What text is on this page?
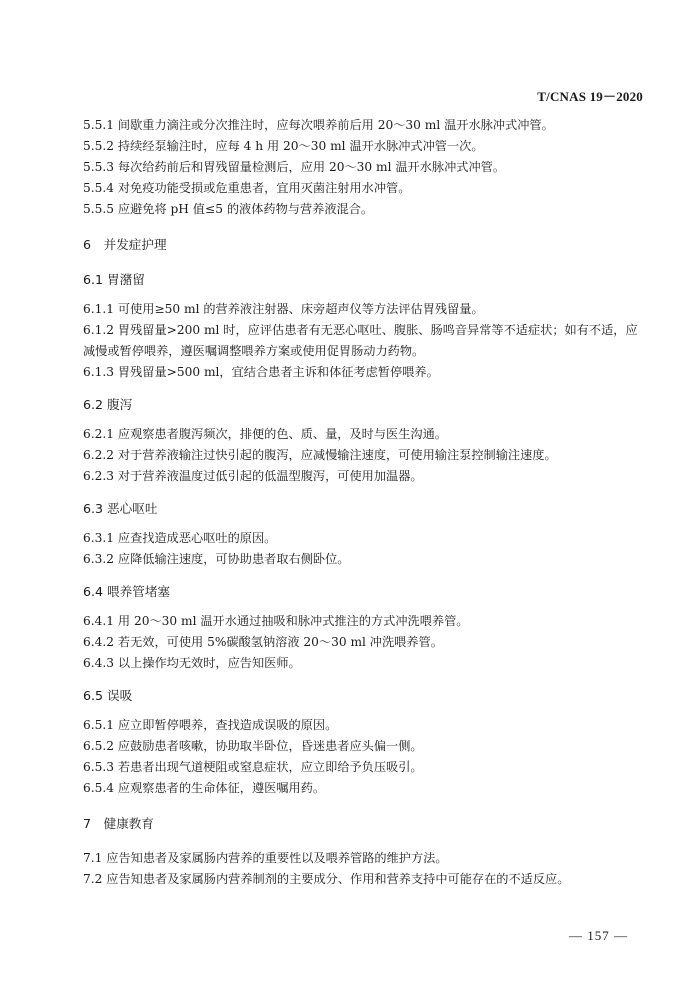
T/CNAS 19－2020

5.5.1 间歇重力滴注或分次推注时，应每次喂养前后用 20～30 ml 温开水脉冲式冲管。

5.5.2 持续经泵输注时，应每 4 h 用 20～30 ml 温开水脉冲式冲管一次。

5.5.3 每次给药前后和胃残留量检测后，应用 20～30 ml 温开水脉冲式冲管。

5.5.4 对免疫功能受损或危重患者，宜用灭菌注射用水冲管。

5.5.5 应避免将 pH 值≤5 的液体药物与营养液混合。

6　并发症护理

6.1 胃潴留

6.1.1 可使用≥50 ml 的营养液注射器、床旁超声仪等方法评估胃残留量。

6.1.2 胃残留量>200 ml 时，应评估患者有无恶心呕吐、腹胀、肠鸣音异常等不适症状；如有不适，应减慢或暂停喂养，遵医嘱调整喂养方案或使用促胃肠动力药物。

6.1.3 胃残留量>500 ml，宜结合患者主诉和体征考虑暂停喂养。

6.2 腹泻

6.2.1 应观察患者腹泻频次，排便的色、质、量，及时与医生沟通。

6.2.2 对于营养液输注过快引起的腹泻，应减慢输注速度，可使用输注泵控制输注速度。

6.2.3 对于营养液温度过低引起的低温型腹泻，可使用加温器。

6.3 恶心呕吐

6.3.1 应查找造成恶心呕吐的原因。

6.3.2 应降低输注速度，可协助患者取右侧卧位。

6.4 喂养管堵塞

6.4.1 用 20～30 ml 温开水通过抽吸和脉冲式推注的方式冲洗喂养管。

6.4.2 若无效，可使用 5%碳酸氢钠溶液 20～30 ml 冲洗喂养管。

6.4.3 以上操作均无效时，应告知医师。

6.5 误吸

6.5.1 应立即暂停喂养，查找造成误吸的原因。

6.5.2 应鼓励患者咳嗽，协助取半卧位，昏迷患者应头偏一侧。

6.5.3 若患者出现气道梗阻或窒息症状，应立即给予负压吸引。

6.5.4 应观察患者的生命体征，遵医嘱用药。

7　健康教育

7.1 应告知患者及家属肠内营养的重要性以及喂养管路的维护方法。

7.2 应告知患者及家属肠内营养制剂的主要成分、作用和营养支持中可能存在的不适反应。

— 157 —
